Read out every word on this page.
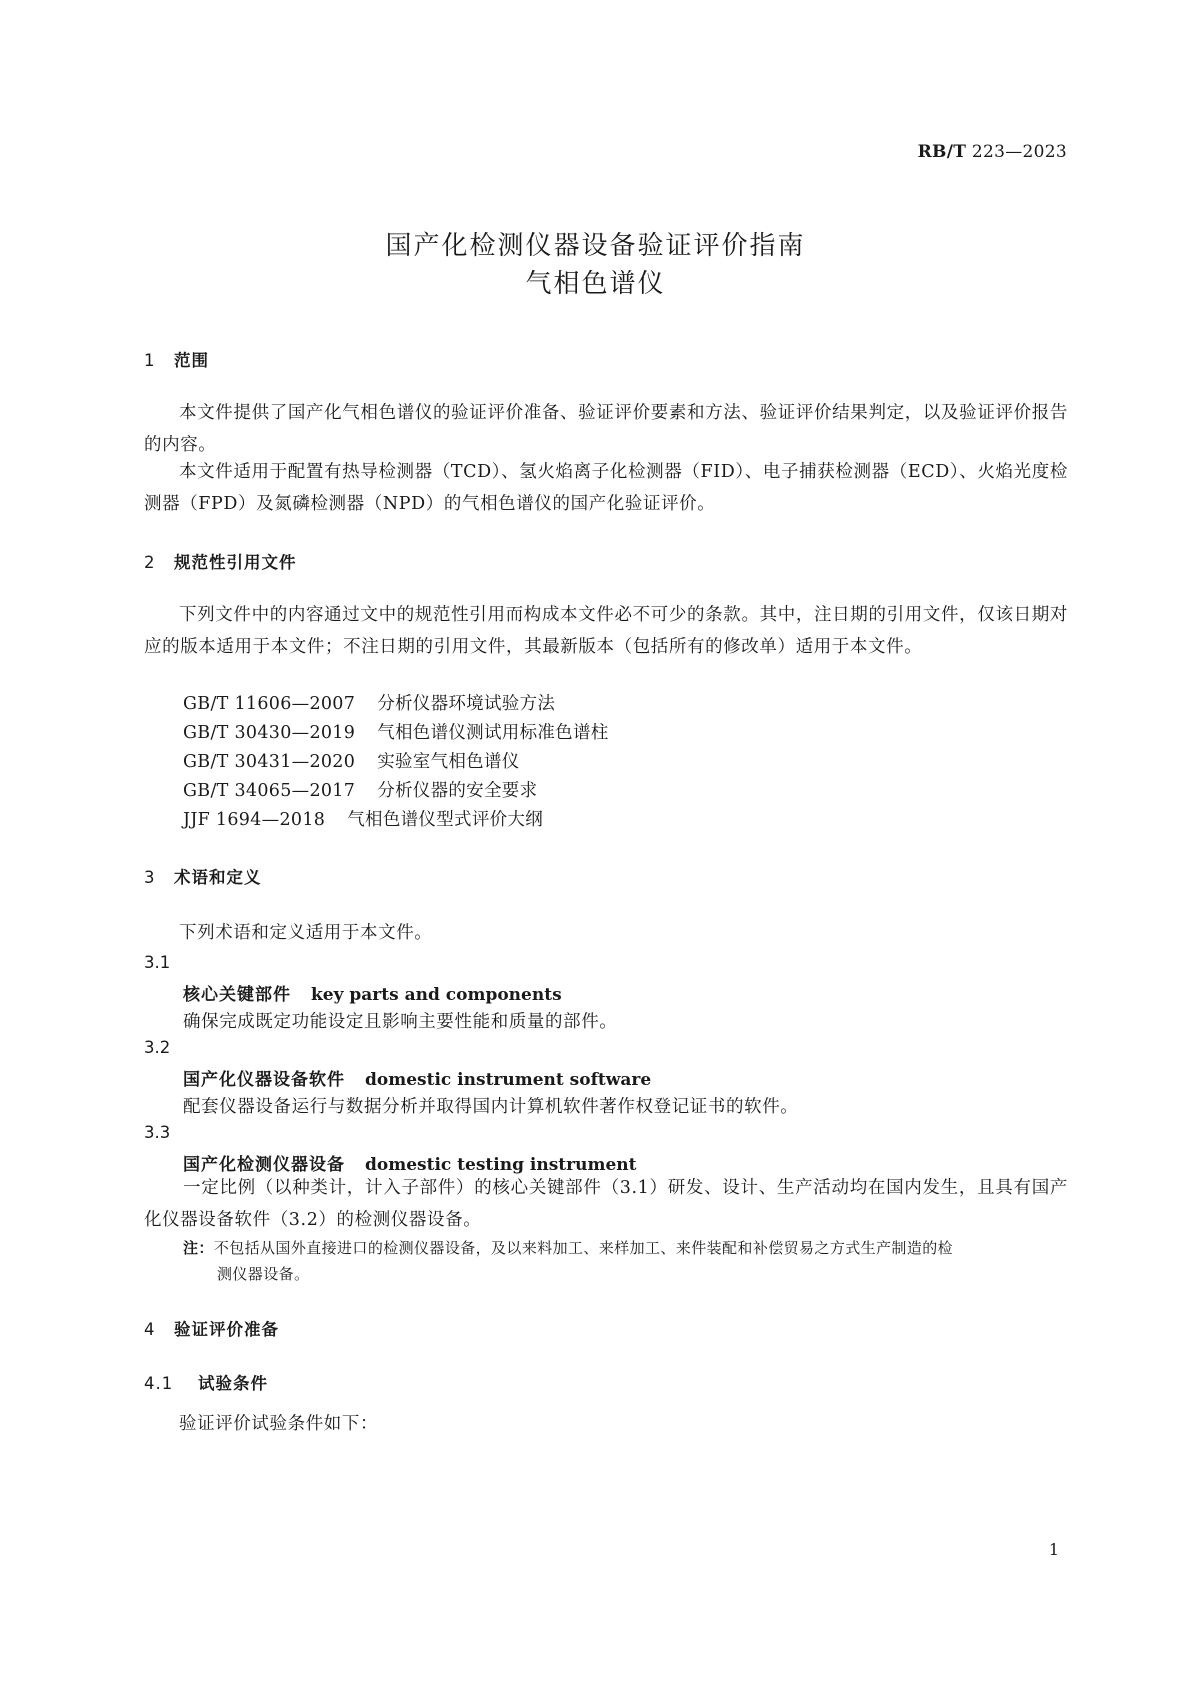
RB/T 223—2023
国产化检测仪器设备验证评价指南
气相色谱仪
1 范围
本文件提供了国产化气相色谱仪的验证评价准备、验证评价要素和方法、验证评价结果判定，以及验证评价报告的内容。
本文件适用于配置有热导检测器（TCD）、氢火焰离子化检测器（FID）、电子捕获检测器（ECD）、火焰光度检测器（FPD）及氮磷检测器（NPD）的气相色谱仪的国产化验证评价。
2 规范性引用文件
下列文件中的内容通过文中的规范性引用而构成本文件必不可少的条款。其中，注日期的引用文件，仅该日期对应的版本适用于本文件；不注日期的引用文件，其最新版本（包括所有的修改单）适用于本文件。
GB/T 11606—2007 分析仪器环境试验方法
GB/T 30430—2019 气相色谱仪测试用标准色谱柱
GB/T 30431—2020 实验室气相色谱仪
GB/T 34065—2017 分析仪器的安全要求
JJF 1694—2018 气相色谱仪型式评价大纲
3 术语和定义
下列术语和定义适用于本文件。
3.1
核心关键部件 key parts and components
确保完成既定功能设定且影响主要性能和质量的部件。
3.2
国产化仪器设备软件 domestic instrument software
配套仪器设备运行与数据分析并取得国内计算机软件著作权登记证书的软件。
3.3
国产化检测仪器设备 domestic testing instrument
一定比例（以种类计，计入子部件）的核心关键部件（3.1）研发、设计、生产活动均在国内发生，且具有国产化仪器设备软件（3.2）的检测仪器设备。
注：不包括从国外直接进口的检测仪器设备，及以来料加工、来样加工、来件装配和补偿贸易之方式生产制造的检
测仪器设备。
4 验证评价准备
4.1 试验条件
验证评价试验条件如下：
1
